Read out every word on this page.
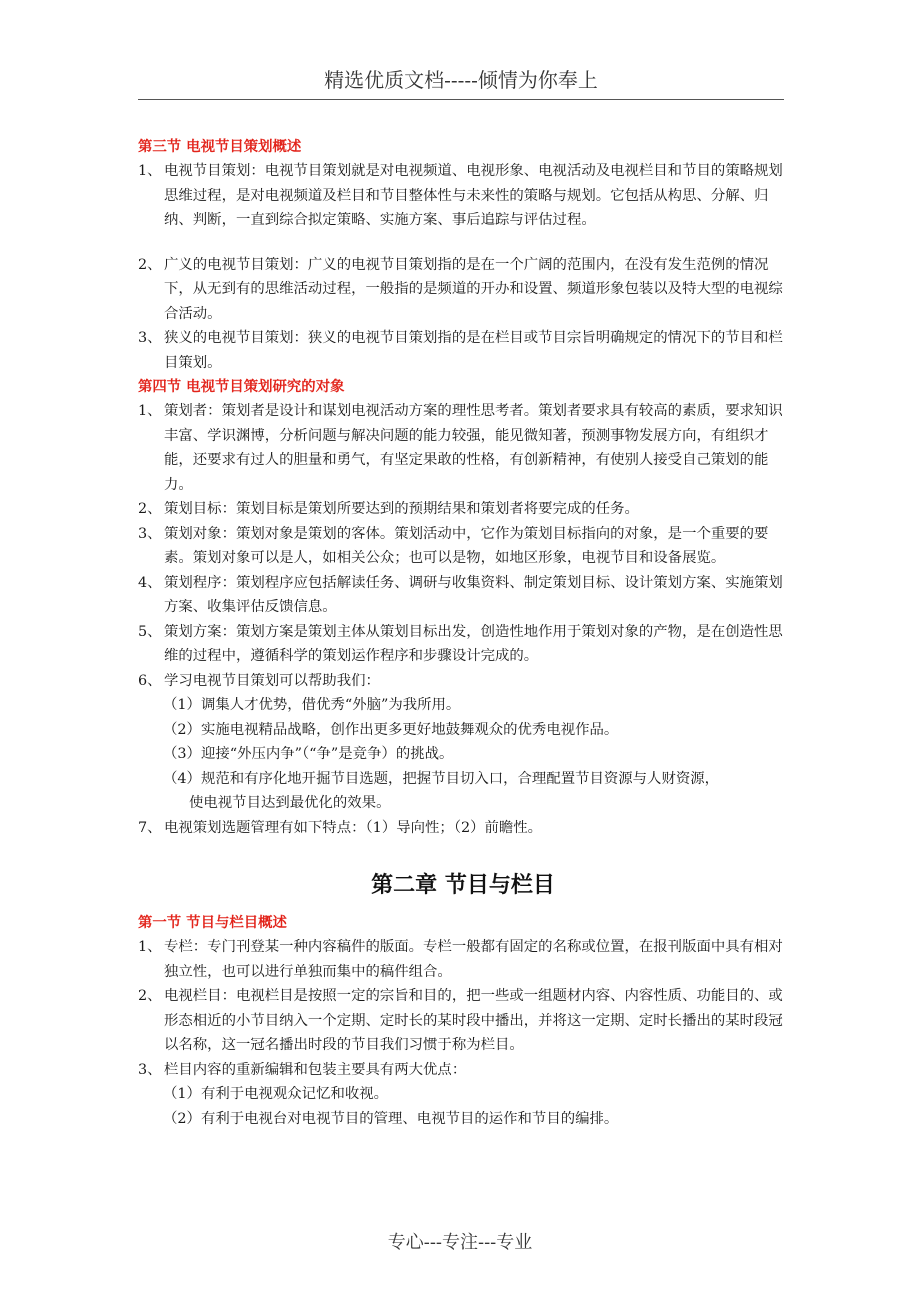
精选优质文档-----倾情为你奉上
第三节 电视节目策划概述
1、 电视节目策划：电视节目策划就是对电视频道、电视形象、电视活动及电视栏目和节目的策略规划思维过程，是对电视频道及栏目和节目整体性与未来性的策略与规划。它包括从构思、分解、归纳、判断，一直到综合拟定策略、实施方案、事后追踪与评估过程。
2、 广义的电视节目策划：广义的电视节目策划指的是在一个广阔的范围内，在没有发生范例的情况下，从无到有的思维活动过程，一般指的是频道的开办和设置、频道形象包装以及特大型的电视综合活动。
3、 狭义的电视节目策划：狭义的电视节目策划指的是在栏目或节目宗旨明确规定的情况下的节目和栏目策划。
第四节 电视节目策划研究的对象
1、 策划者：策划者是设计和谋划电视活动方案的理性思考者。策划者要求具有较高的素质，要求知识丰富、学识渊博，分析问题与解决问题的能力较强，能见微知著，预测事物发展方向，有组织才能，还要求有过人的胆量和勇气，有坚定果敢的性格，有创新精神，有使别人接受自己策划的能力。
2、 策划目标：策划目标是策划所要达到的预期结果和策划者将要完成的任务。
3、 策划对象：策划对象是策划的客体。策划活动中，它作为策划目标指向的对象，是一个重要的要素。策划对象可以是人，如相关公众；也可以是物，如地区形象，电视节目和设备展览。
4、 策划程序：策划程序应包括解读任务、调研与收集资料、制定策划目标、设计策划方案、实施策划方案、收集评估反馈信息。
5、 策划方案：策划方案是策划主体从策划目标出发，创造性地作用于策划对象的产物，是在创造性思维的过程中，遵循科学的策划运作程序和步骤设计完成的。
6、 学习电视节目策划可以帮助我们：
（1）调集人才优势，借优秀“外脑”为我所用。
（2）实施电视精品战略，创作出更多更好地鼓舞观众的优秀电视作品。
（3）迎接“外压内争”（“争”是竞争）的挑战。
（4）规范和有序化地开掘节目选题，把握节目切入口，合理配置节目资源与人财资源，
使电视节目达到最优化的效果。
7、 电视策划选题管理有如下特点：（1）导向性；（2）前瞻性。
第二章 节目与栏目
第一节 节目与栏目概述
1、 专栏：专门刊登某一种内容稿件的版面。专栏一般都有固定的名称或位置，在报刊版面中具有相对独立性，也可以进行单独而集中的稿件组合。
2、 电视栏目：电视栏目是按照一定的宗旨和目的，把一些或一组题材内容、内容性质、功能目的、或形态相近的小节目纳入一个定期、定时长的某时段中播出，并将这一定期、定时长播出的某时段冠以名称，这一冠名播出时段的节目我们习惯于称为栏目。
3、 栏目内容的重新编辑和包装主要具有两大优点：
（1）有利于电视观众记忆和收视。
（2）有利于电视台对电视节目的管理、电视节目的运作和节目的编排。
专心---专注---专业
